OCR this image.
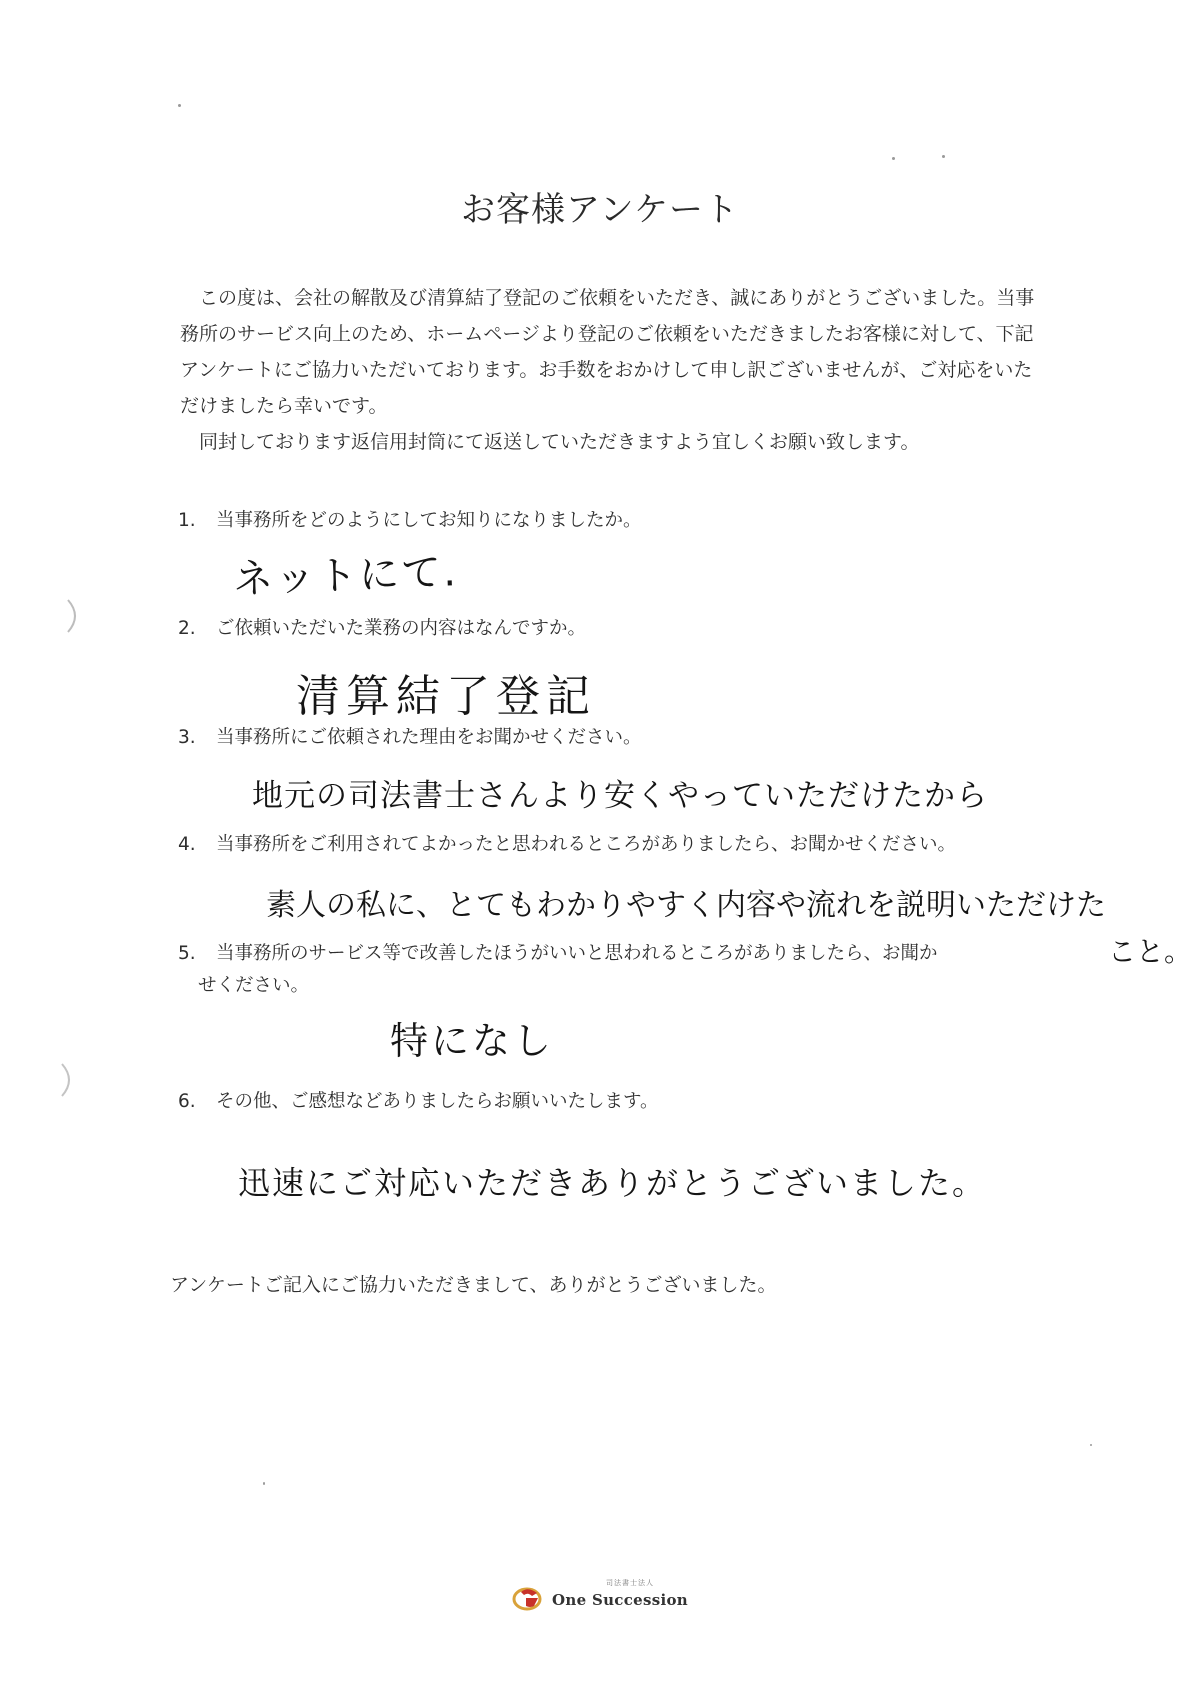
お客様アンケート

この度は、会社の解散及び清算結了登記のご依頼をいただき、誠にありがとうございました。当事務所のサービス向上のため、ホームページより登記のご依頼をいただきましたお客様に対して、下記アンケートにご協力いただいております。お手数をおかけして申し訳ございませんが、ご対応をいただけましたら幸いです。

同封しております返信用封筒にて返送していただきますよう宜しくお願い致します。

1. 当事務所をどのようにしてお知りになりましたか。
ネットにて.
2. ご依頼いただいた業務の内容はなんですか。
清算結了登記
3. 当事務所にご依頼された理由をお聞かせください。
地元の司法書士さんより安くやっていただけたから
4. 当事務所をご利用されてよかったと思われるところがありましたら、お聞かせください。
素人の私に、とてもわかりやすく内容や流れを説明いただけた
こと。
5. 当事務所のサービス等で改善したほうがいいと思われるところがありましたら、お聞か
せください。
特になし
6. その他、ご感想などありましたらお願いいたします。
迅速にご対応いただきありがとうございました。
アンケートご記入にご協力いただきまして、ありがとうございました。
司法書士法人
One Succession
